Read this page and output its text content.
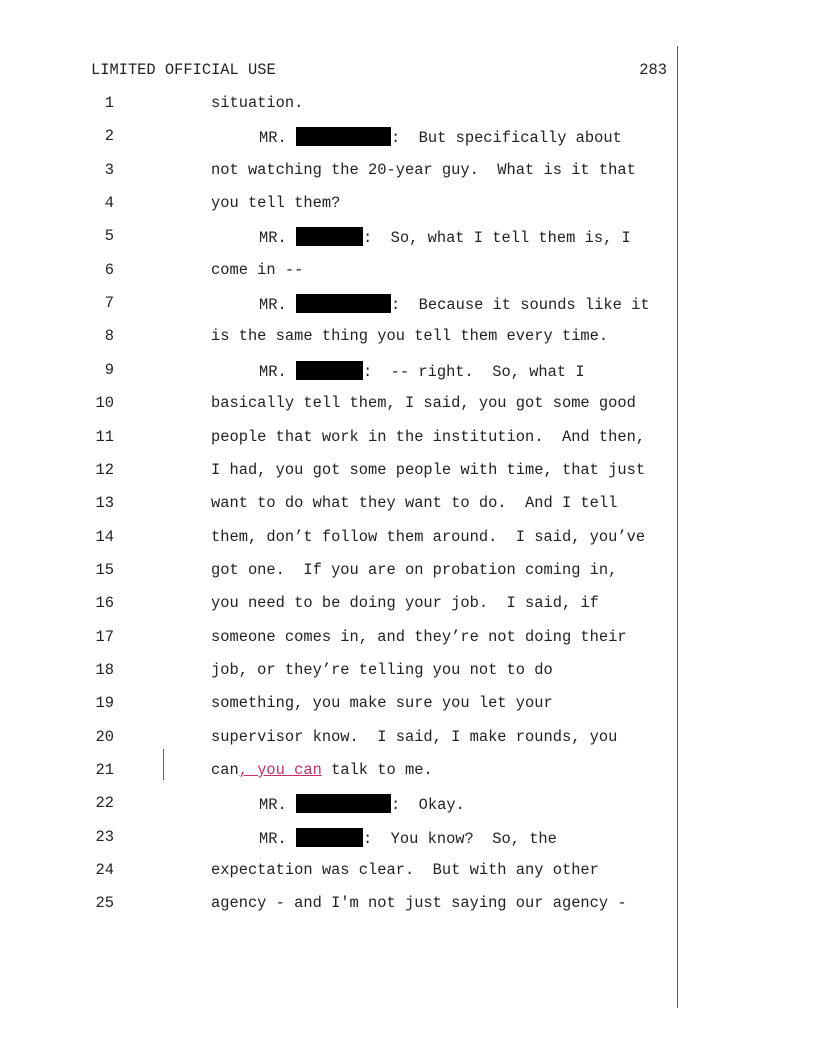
LIMITED OFFICIAL USE	283
1	situation.
2	MR.	:  But specifically about
3	not watching the 20-year guy.  What is it that
4	you tell them?
5	MR.	:  So, what I tell them is, I
6	come in --
7	MR.	:  Because it sounds like it
8	is the same thing you tell them every time.
9	MR.	:  -- right.  So, what I
10	basically tell them, I said, you got some good
11	people that work in the institution.  And then,
12	I had, you got some people with time, that just
13	want to do what they want to do.  And I tell
14	them, don’t follow them around.  I said, you’ve
15	got one.  If you are on probation coming in,
16	you need to be doing your job.  I said, if
17	someone comes in, and they’re not doing their
18	job, or they’re telling you not to do
19	something, you make sure you let your
20	supervisor know.  I said, I make rounds, you
21	can, you can talk to me.
22	MR.	:  Okay.
23	MR.	:  You know?  So, the
24	expectation was clear.  But with any other
25	agency - and I'm not just saying our agency -
